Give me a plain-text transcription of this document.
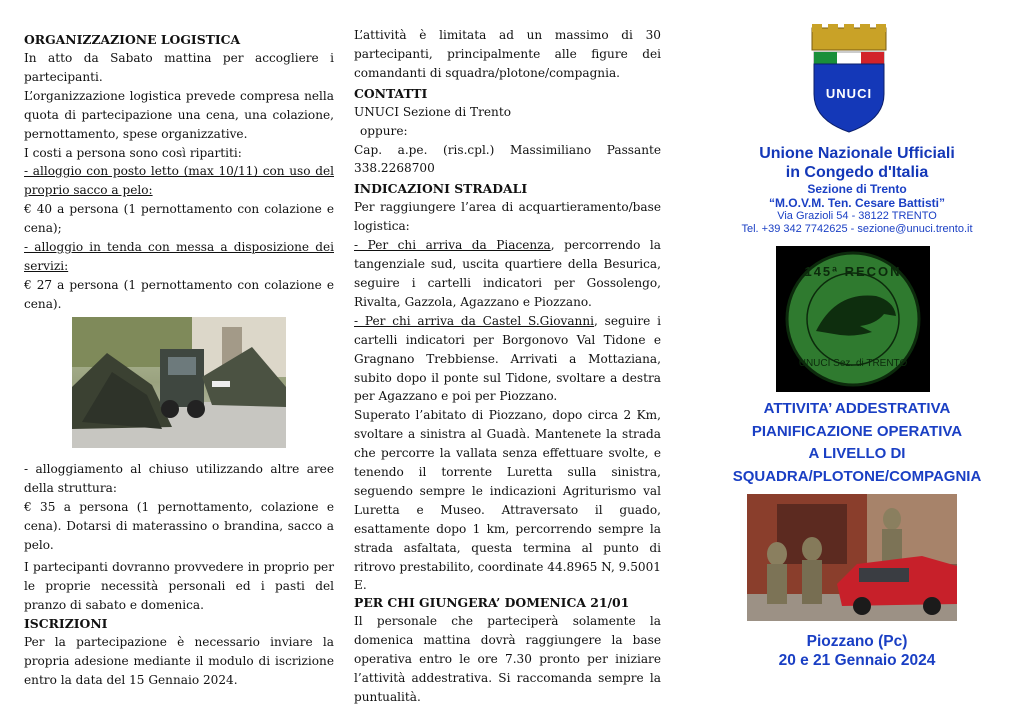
ORGANIZZAZIONE LOGISTICA

In atto da Sabato mattina per accogliere i partecipanti.

L’organizzazione logistica prevede compresa nella quota di partecipazione una cena, una colazione, pernottamento, spese organizzative.

I costi a persona sono così ripartiti:

- alloggio con posto letto (max 10/11) con uso del proprio sacco a pelo:

€ 40 a persona (1 pernottamento con colazione e cena);

- alloggio in tenda con messa a disposizione dei servizi:

€ 27 a persona (1 pernottamento con colazione e cena).

- alloggiamento al chiuso utilizzando altre aree della struttura:

€ 35 a persona (1 pernottamento, colazione e cena). Dotarsi di materassino o brandina, sacco a pelo.

I partecipanti dovranno provvedere in proprio per le proprie necessità personali ed i pasti del pranzo di sabato e domenica.

ISCRIZIONI

Per la partecipazione è necessario inviare la propria adesione mediante il modulo di iscrizione entro la data del 15 Gennaio 2024.

L’attività è limitata ad un massimo di 30 partecipanti, principalmente alle figure dei comandanti di squadra/plotone/compagnia.

CONTATTI

UNUCI Sezione di Trento

oppure:

Cap. a.pe. (ris.cpl.) Massimiliano Passante 338.2268700

INDICAZIONI STRADALI

Per raggiungere l’area di acquartieramento/base logistica:

- Per chi arriva da Piacenza, percorrendo la tangenziale sud, uscita quartiere della Besurica, seguire i cartelli indicatori per Gossolengo, Rivalta, Gazzola, Agazzano e Piozzano.

- Per chi arriva da Castel S.Giovanni, seguire i cartelli indicatori per Borgonovo Val Tidone e Gragnano Trebbiense. Arrivati a Mottaziana, subito dopo il ponte sul Tidone, svoltare a destra per Agazzano e poi per Piozzano.

Superato l’abitato di Piozzano, dopo circa 2 Km, svoltare a sinistra al Guadà. Mantenete la strada che percorre la vallata senza effettuare svolte, e tenendo il torrente Luretta sulla sinistra, seguendo sempre le indicazioni Agriturismo val Luretta e Museo. Attraversato il guado, esattamente dopo 1 km, percorrendo sempre la strada asfaltata, questa termina al punto di ritrovo prestabilito, coordinate 44.8965 N, 9.5001 E.

PER CHI GIUNGERA’ DOMENICA 21/01

Il personale che parteciperà solamente la domenica mattina dovrà raggiungere la base operativa entro le ore 7.30 pronto per iniziare l’attività addestrativa. Si raccomanda sempre la puntualità.

UNUCI

Unione Nazionale Ufficiali in Congedo d'Italia

Sezione di Trento

“M.O.V.M. Ten. Cesare Battisti”

Via Grazioli 54 - 38122 TRENTO

Tel. +39 342 7742625 - sezione@unuci.trento.it

145ª RECON
UNUCI Sez. di TRENTO

ATTIVITA’ ADDESTRATIVA

PIANIFICAZIONE OPERATIVA

A LIVELLO DI

SQUADRA/PLOTONE/COMPAGNIA

Piozzano (Pc)

20 e 21 Gennaio 2024
